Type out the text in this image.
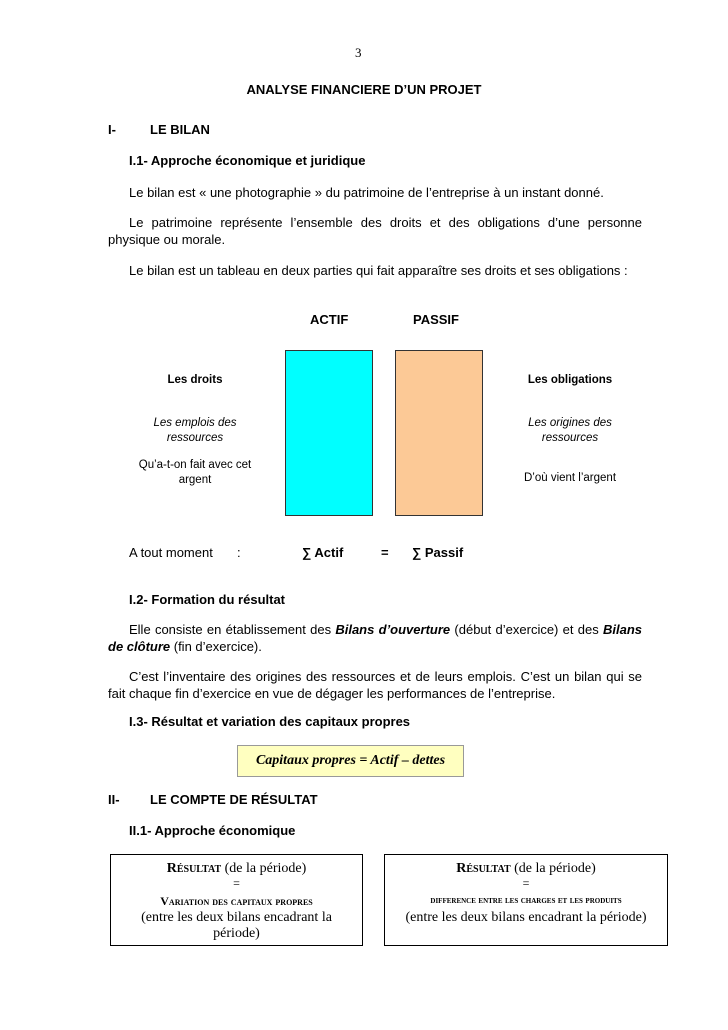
3
ANALYSE FINANCIERE D’UN PROJET
I-	LE BILAN
I.1- Approche économique et juridique
Le bilan est « une photographie » du patrimoine de l’entreprise à un instant donné.
Le patrimoine représente l’ensemble des droits et des obligations d’une personne physique ou morale.
Le bilan est un tableau en deux parties qui fait apparaître ses droits et ses obligations :
ACTIF	PASSIF
Les droits
Les emplois des ressources
Qu’a-t-on fait avec cet argent
Les obligations
Les origines des ressources
D’où vient l’argent
A tout moment :	∑ Actif	= ∑ Passif
I.2- Formation du résultat
Elle consiste en établissement des Bilans d’ouverture (début d’exercice) et des Bilans de clôture (fin d’exercice).
C’est l’inventaire des origines des ressources et de leurs emplois. C’est un bilan qui se fait chaque fin d’exercice en vue de dégager les performances de l’entreprise.
I.3- Résultat et variation des capitaux propres
Capitaux propres = Actif – dettes
II- LE COMPTE DE RÉSULTAT
II.1- Approche économique
Résultat (de la période)
=
Variation des capitaux propres
(entre les deux bilans encadrant la période)
Résultat (de la période)
=
difference entre les charges et les produits
(entre les deux bilans encadrant la période)
